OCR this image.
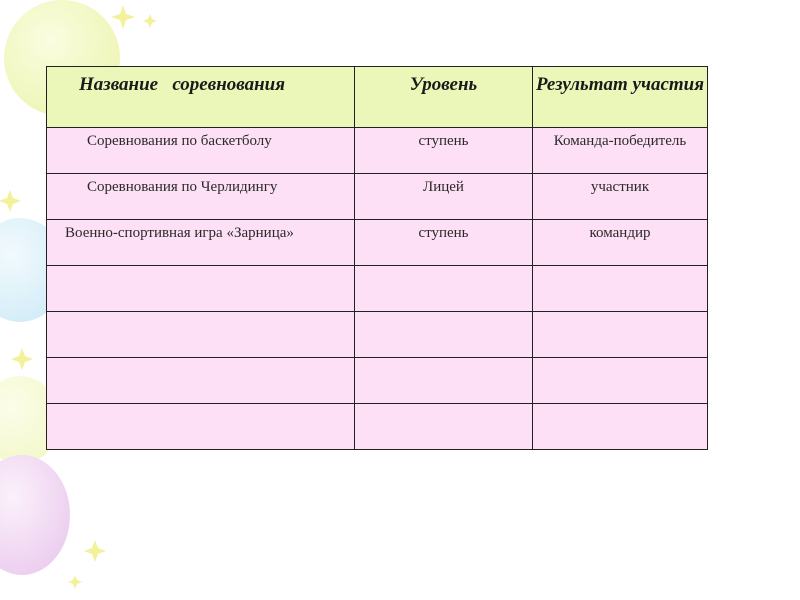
Название   соревнования	Уровень	Результат участия
Соревнования по баскетболу	ступень	Команда-победитель
Соревнования по Черлидингу	Лицей	участник
Военно-спортивная игра «Зарница»	ступень	командир
